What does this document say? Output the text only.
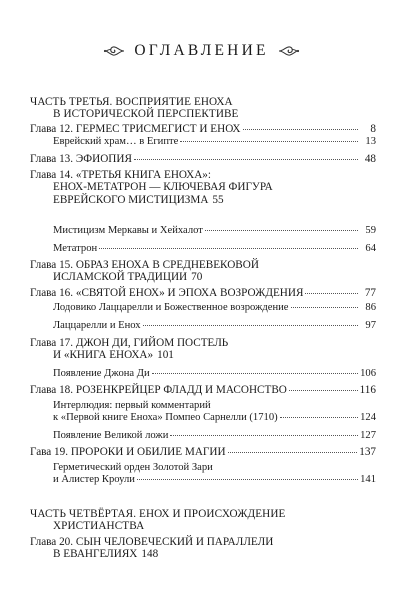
ОГЛАВЛЕНИЕ
ЧАСТЬ ТРЕТЬЯ. ВОСПРИЯТИЕ ЕНОХА
В ИСТОРИЧЕСКОЙ ПЕРСПЕКТИВЕ
Глава 12. ГЕРМЕС ТРИСМЕГИСТ И ЕНОХ	8
Еврейский храм… в Египте	13
Глава 13. ЭФИОПИЯ	48
Глава 14. «ТРЕТЬЯ КНИГА ЕНОХА»:
ЕНОХ-МЕТАТРОН — КЛЮЧЕВАЯ ФИГУРА
ЕВРЕЙСКОГО МИСТИЦИЗМА 55
Мистицизм Меркавы и Хейхалот	59
Метатрон	64
Глава 15. ОБРАЗ ЕНОХА В СРЕДНЕВЕКОВОЙ
ИСЛАМСКОЙ ТРАДИЦИИ 70
Глава 16. «СВЯТОЙ ЕНОХ» И ЭПОХА ВОЗРОЖДЕНИЯ	77
Лодовико Лаццарелли и Божественное возрождение	86
Лаццарелли и Енох	97
Глава 17. ДЖОН ДИ, ГИЙОМ ПОСТЕЛЬ
И «КНИГА ЕНОХА» 101
Появление Джона Ди	106
Глава 18. РОЗЕНКРЕЙЦЕР ФЛАДД И МАСОНСТВО	116
Интерлюдия: первый комментарий
к «Первой книге Еноха» Помпео Сарнелли (1710)	124
Появление Великой ложи	127
Гава 19. ПРОРОКИ И ОБИЛИЕ МАГИИ	137
Герметический орден Золотой Зари
и Алистер Кроули	141
ЧАСТЬ ЧЕТВЁРТАЯ. ЕНОХ И ПРОИСХОЖДЕНИЕ
ХРИСТИАНСТВА
Глава 20. СЫН ЧЕЛОВЕЧЕСКИЙ И ПАРАЛЛЕЛИ
В ЕВАНГЕЛИЯХ 148
